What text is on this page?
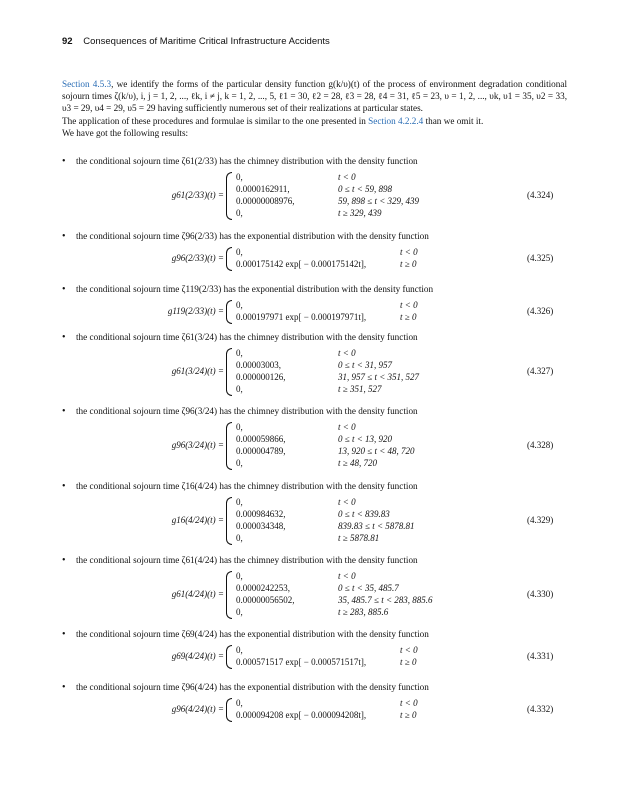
92 Consequences of Maritime Critical Infrastructure Accidents

Section 4.5.3, we identify the forms of the particular density function g(k/υ)(t) of the process of environment degradation conditional sojourn times ζ(k/υ), i, j = 1, 2, ..., ℓk, i ≠ j, k = 1, 2, ..., 5, ℓ1 = 30, ℓ2 = 28, ℓ3 = 28, ℓ4 = 31, ℓ5 = 23, υ = 1, 2, ..., υk, υ1 = 35, υ2 = 33, υ3 = 29, υ4 = 29, υ5 = 29 having sufficiently numerous set of their realizations at particular states.

The application of these procedures and formulae is similar to the one presented in Section 4.2.2.4 than we omit it.

We have got the following results:

• the conditional sojourn time ζ61(2/33) has the chimney distribution with the density function
g61(2/33)(t) =
0,	t < 0
0.0000162911,	0 ≤ t < 59, 898
0.00000008976,	59, 898 ≤ t < 329, 439
0,	t ≥ 329, 439
(4.324)
• the conditional sojourn time ζ96(2/33) has the exponential distribution with the density function
g96(2/33)(t) =
0,	t < 0
0.000175142 exp[ − 0.000175142t],	t ≥ 0
(4.325)
• the conditional sojourn time ζ119(2/33) has the exponential distribution with the density function
g119(2/33)(t) =
0,	t < 0
0.000197971 exp[ − 0.000197971t],	t ≥ 0
(4.326)
• the conditional sojourn time ζ61(3/24) has the chimney distribution with the density function
g61(3/24)(t) =
0,	t < 0
0.00003003,	0 ≤ t < 31, 957
0.000000126,	31, 957 ≤ t < 351, 527
0,	t ≥ 351, 527
(4.327)
• the conditional sojourn time ζ96(3/24) has the chimney distribution with the density function
g96(3/24)(t) =
0,	t < 0
0.000059866,	0 ≤ t < 13, 920
0.000004789,	13, 920 ≤ t < 48, 720
0,	t ≥ 48, 720
(4.328)
• the conditional sojourn time ζ16(4/24) has the chimney distribution with the density function
g16(4/24)(t) =
0,	t < 0
0.000984632,	0 ≤ t < 839.83
0.000034348,	839.83 ≤ t < 5878.81
0,	t ≥ 5878.81
(4.329)
• the conditional sojourn time ζ61(4/24) has the chimney distribution with the density function
g61(4/24)(t) =
0,	t < 0
0.0000242253,	0 ≤ t < 35, 485.7
0.00000056502,	35, 485.7 ≤ t < 283, 885.6
0,	t ≥ 283, 885.6
(4.330)
• the conditional sojourn time ζ69(4/24) has the exponential distribution with the density function
g69(4/24)(t) =
0,	t < 0
0.000571517 exp[ − 0.000571517t],	t ≥ 0
(4.331)
• the conditional sojourn time ζ96(4/24) has the exponential distribution with the density function
g96(4/24)(t) =
0,	t < 0
0.000094208 exp[ − 0.000094208t],	t ≥ 0
(4.332)
